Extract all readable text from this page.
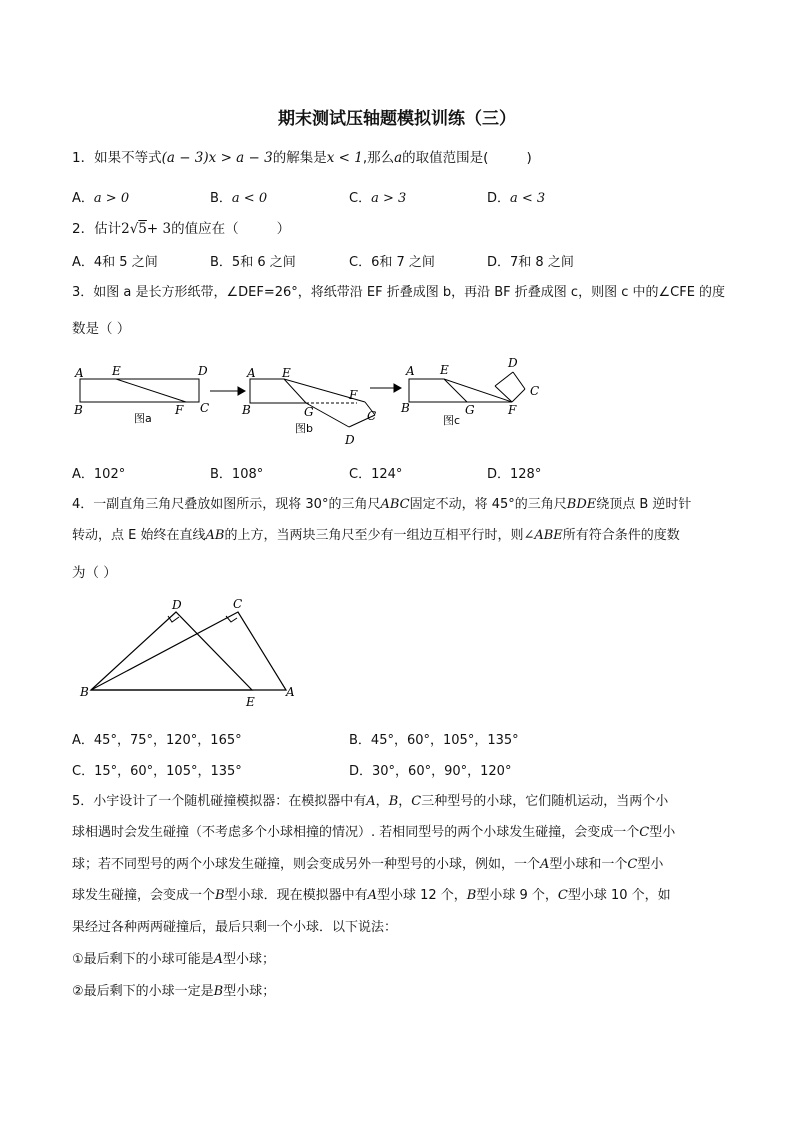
期末测试压轴题模拟训练（三）
1．如果不等式(a − 3)x > a − 3的解集是x < 1,那么a的取值范围是(	)
A．a > 0	B．a < 0	C．a > 3	D．a < 3
2．估计2√5+ 3的值应在（	）
A．4和 5 之间	B．5和 6 之间	C．6和 7 之间	D．7和 8 之间
3．如图 a 是长方形纸带，∠DEF=26°，将纸带沿 EF 折叠成图 b，再沿 BF 折叠成图 c，则图 c 中的∠CFE 的度
数是（ ）
A E	D
B	F C
图a
A E
B	G
F
C
D
图b
A E
B	G	F
D
C
图c
A．102°	B．108°	C．124°	D．128°
4．一副直角三角尺叠放如图所示，现将 30°的三角尺ABC固定不动，将 45°的三角尺BDE绕顶点 B 逆时针
转动，点 E 始终在直线AB的上方，当两块三角尺至少有一组边互相平行时，则∠ABE所有符合条件的度数
为（ ）
D	C
B
E
A
A．45°，75°，120°，165°	B．45°，60°，105°，135°
C．15°，60°，105°，135°	D．30°，60°，90°，120°
5．小宇设计了一个随机碰撞模拟器：在模拟器中有A，B，C三种型号的小球，它们随机运动，当两个小
球相遇时会发生碰撞（不考虑多个小球相撞的情况）. 若相同型号的两个小球发生碰撞，会变成一个C型小
球；若不同型号的两个小球发生碰撞，则会变成另外一种型号的小球，例如，一个A型小球和一个C型小
球发生碰撞，会变成一个B型小球．现在模拟器中有A型小球 12 个，B型小球 9 个，C型小球 10 个，如
果经过各种两两碰撞后，最后只剩一个小球．以下说法：
①最后剩下的小球可能是A型小球；
②最后剩下的小球一定是B型小球；
